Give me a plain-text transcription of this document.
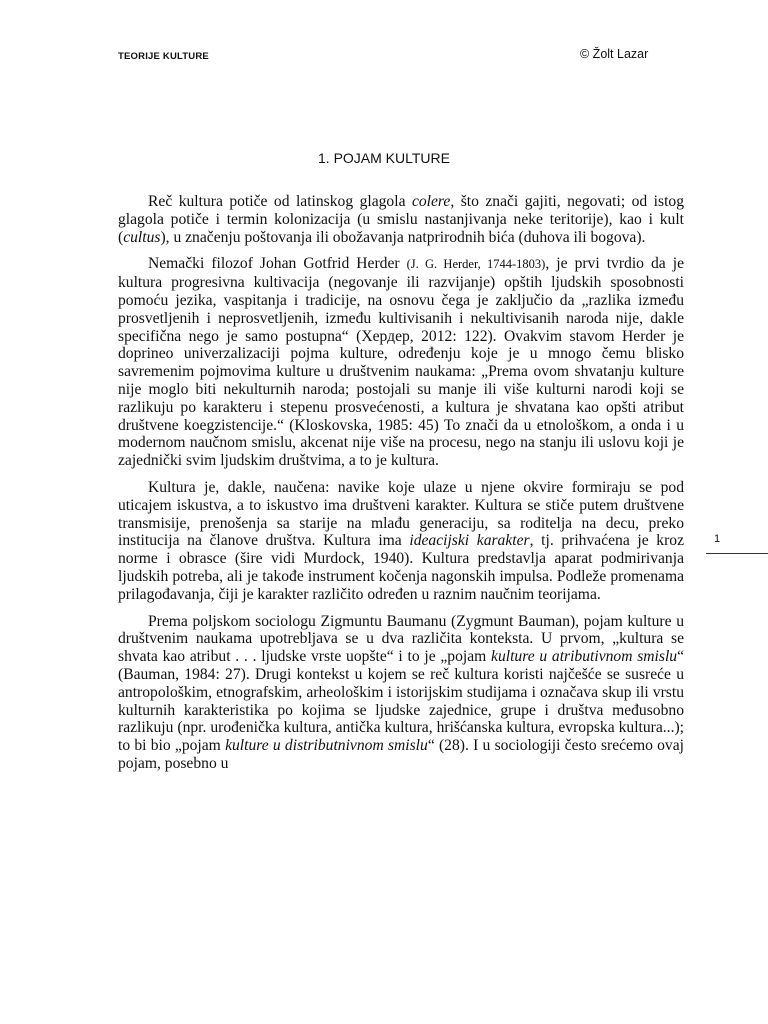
TEORIJE KULTURE	© Žolt Lazar
1. POJAM KULTURE

Reč kultura potiče od latinskog glagola colere, što znači gajiti, negovati; od istog glagola potiče i termin kolonizacija (u smislu nastanjivanja neke teritorije), kao i kult (cultus), u značenju poštovanja ili obožavanja natprirodnih bića (duhova ili bogova).

Nemački filozof Johan Gotfrid Herder (J. G. Herder, 1744-1803), je prvi tvrdio da je kultura progresivna kultivacija (negovanje ili razvijanje) opštih ljudskih sposobnosti pomoću jezika, vaspitanja i tradicije, na osnovu čega je zaključio da „razlika između prosvetljenih i neprosvetljenih, između kultivisanih i nekultivisanih naroda nije, dakle specifična nego je samo postupna“ (Хердер, 2012: 122). Ovakvim stavom Herder je doprineo univerzalizaciji pojma kulture, određenju koje je u mnogo čemu blisko savremenim pojmovima kulture u društvenim naukama: „Prema ovom shvatanju kulture nije moglo biti nekulturnih naroda; postojali su manje ili više kulturni narodi koji se razlikuju po karakteru i stepenu prosvećenosti, a kultura je shvatana kao opšti atribut društvene koegzistencije.“ (Kloskovska, 1985: 45) To znači da u etnološkom, a onda i u modernom naučnom smislu, akcenat nije više na procesu, nego na stanju ili uslovu koji je zajednički svim ljudskim društvima, a to je kultura.

Kultura je, dakle, naučena: navike koje ulaze u njene okvire formiraju se pod uticajem iskustva, a to iskustvo ima društveni karakter. Kultura se stiče putem društvene transmisije, prenošenja sa starije na mlađu generaciju, sa roditelja na decu, preko institucija na članove društva. Kultura ima ideacijski karakter, tj. prihvaćena je kroz norme i obrasce (šire vidi Murdock, 1940). Kultura predstavlja aparat podmirivanja ljudskih potreba, ali je takođe instrument kočenja nagonskih impulsa. Podleže promenama prilagođavanja, čiji je karakter različito određen u raznim naučnim teorijama.

Prema poljskom sociologu Zigmuntu Baumanu (Zygmunt Bauman), pojam kulture u društvenim naukama upotrebljava se u dva različita konteksta. U prvom, „kultura se shvata kao atribut . . . ljudske vrste uopšte“ i to je „pojam kulture u atributivnom smislu“ (Bauman, 1984: 27). Drugi kontekst u kojem se reč kultura koristi najčešće se susreće u antropološkim, etnografskim, arheološkim i istorijskim studijama i označava skup ili vrstu kulturnih karakteristika po kojima se ljudske zajednice, grupe i društva međusobno razlikuju (npr. urođenička kultura, antička kultura, hrišćanska kultura, evropska kultura...); to bi bio „pojam kulture u distributnivnom smislu“ (28). I u sociologiji često srećemo ovaj pojam, posebno u

1
